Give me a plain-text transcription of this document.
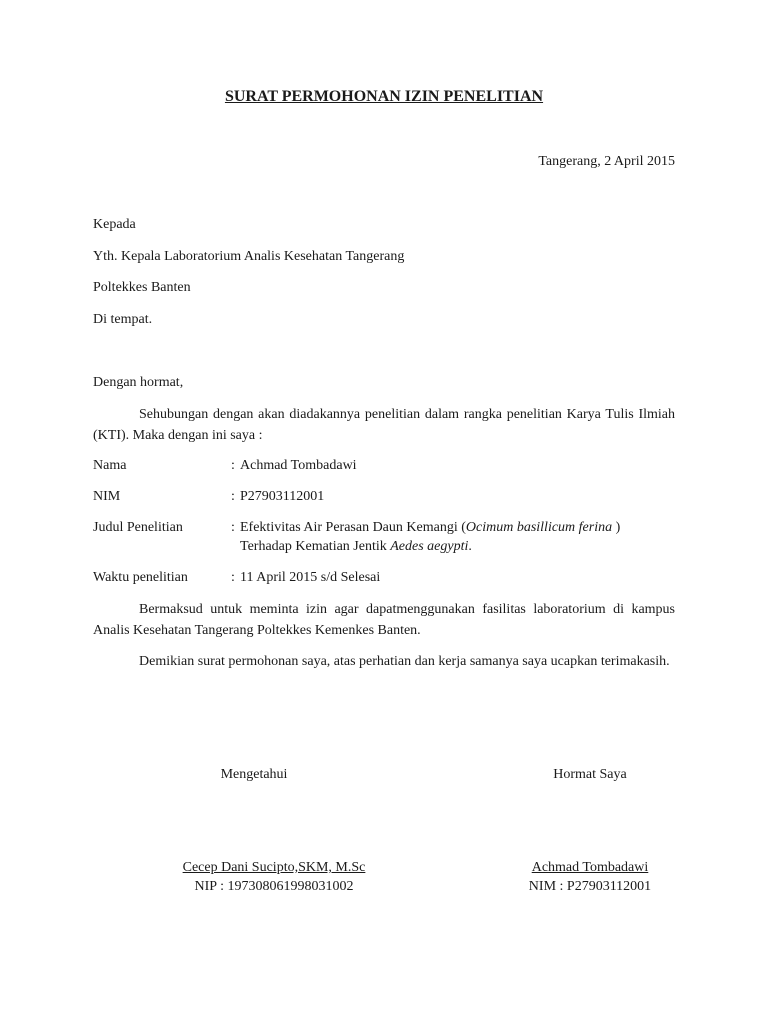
SURAT PERMOHONAN IZIN PENELITIAN
Tangerang, 2 April 2015
Kepada
Yth. Kepala Laboratorium Analis Kesehatan Tangerang
Poltekkes Banten
Di tempat.
Dengan hormat,
Sehubungan dengan akan diadakannya penelitian dalam rangka penelitian Karya Tulis Ilmiah (KTI). Maka dengan ini saya :
Nama	: Achmad Tombadawi
NIM	: P27903112001
Judul Penelitian	: Efektivitas Air Perasan Daun Kemangi (Ocimum basillicum ferina )
Terhadap Kematian Jentik Aedes aegypti.
Waktu penelitian	: 11 April 2015 s/d Selesai
Bermaksud untuk meminta izin agar dapatmenggunakan fasilitas laboratorium di kampus Analis Kesehatan Tangerang Poltekkes Kemenkes Banten.
Demikian surat permohonan saya, atas perhatian dan kerja samanya saya ucapkan terimakasih.
Mengetahui	Hormat Saya
Cecep Dani Sucipto,SKM, M.Sc
NIP : 197308061998031002
Achmad Tombadawi
NIM : P27903112001
